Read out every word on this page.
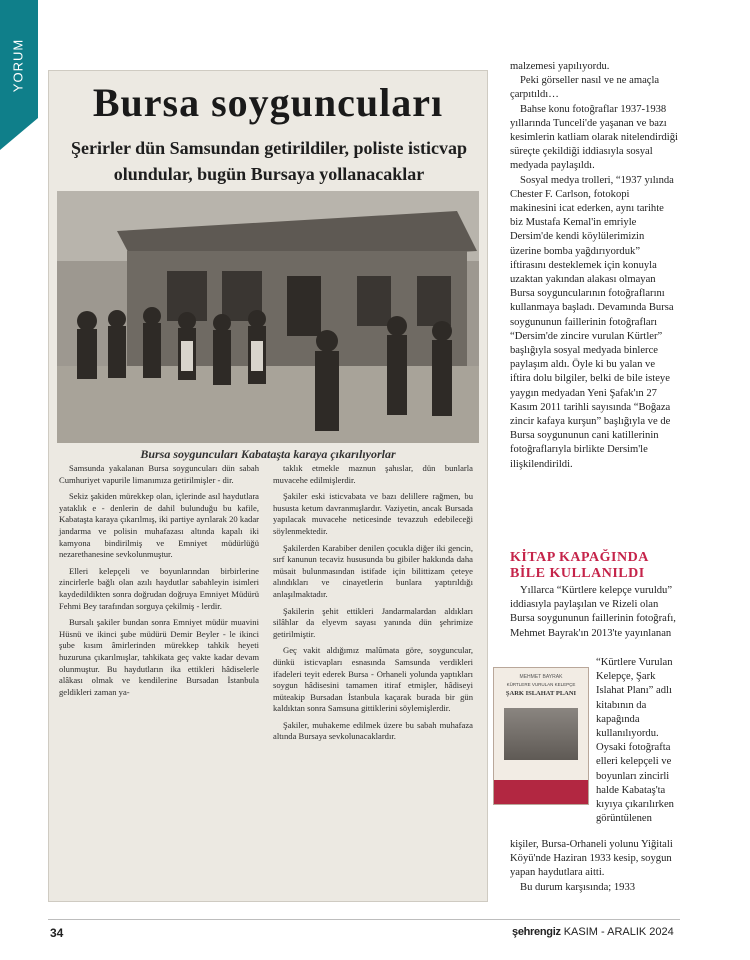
YORUM
Bursa soyguncuları
Şerirler dün Samsundan getirildiler, poliste isticvap olundular, bugün Bursaya yollanacaklar
Bursa soyguncuları Kabataşta karaya çıkarılıyorlar

Samsunda yakalanan Bursa soyguncuları dün sabah Cumhuriyet vapurile limanımıza getirilmişler - dir.

Sekiz şakiden mürekkep olan, içlerinde asıl haydutlara yataklık e - denlerin de dahil bulunduğu bu kafile, Kabataşta karaya çıkarılmış, iki partiye ayrılarak 20 kadar jandarma ve polisin muhafazası altında kapalı iki kamyona bindirilmiş ve Emniyet müdürlüğü nezarethanesine sevkolunmuştur.

Elleri kelepçeli ve boyunlarından birbirlerine zincirlerle bağlı olan azılı haydutlar sabahleyin isimleri kaydedildikten sonra doğrudan doğruya Emniyet Müdürü Fehmi Bey tarafından sorguya çekilmiş - lerdir.

Bursalı şakiler bundan sonra Emniyet müdür muavini Hüsnü ve ikinci şube müdürü Demir Beyler - le ikinci şube kısım âmirlerinden mürekkep tahkik heyeti huzuruna çıkarılmışlar, tahkikata geç vakte kadar devam olunmuştur. Bu haydutların ika ettikleri hâdiselerle alâkası olmak ve kendilerine Bursadan İstanbula geldikleri zaman ya-

taklık etmekle maznun şahıslar, dün bunlarla muvacehe edilmişlerdir.

Şakiler eski isticvabata ve bazı delillere rağmen, bu hususta ketum davranmışlardır. Vaziyetin, ancak Bursada yapılacak muvacehe neticesinde tevazzuh edebileceği söylenmektedir.

Şakilerden Karabiber denilen çocukla diğer iki gencin, sırf kanunun tecaviz hususunda bu gibiler hakkında daha müsait bulunmasından istifade için bilittizam çeteye alındıkları ve cinayetlerin bunlara yaptırıldığı anlaşılmaktadır.

Şakilerin şehit ettikleri Jandarmalardan aldıkları silâhlar da elyevm sayası yanında dün şehrimize getirilmiştir.

Geç vakit aldığımız malûmata göre, soyguncular, dünkü isticvapları esnasında Samsunda verdikleri ifadeleri teyit ederek Bursa - Orhaneli yolunda yaptıkları soygun hâdisesini tamamen itiraf etmişler, hâdiseyi müteakip Bursadan İstanbula kaçarak burada bir gün kaldıktan sonra Samsuna gittiklerini söylemişlerdir.

Şakiler, muhakeme edilmek üzere bu sabah muhafaza altında Bursaya sevkolunacaklardır.

malzemesi yapılıyordu.

Peki görseller nasıl ve ne amaçla çarpıtıldı…

Bahse konu fotoğraflar 1937-1938 yıllarında Tunceli'de yaşanan ve bazı kesimlerin katliam olarak nitelendirdiği süreçte çekildiği iddiasıyla sosyal medyada paylaşıldı.

Sosyal medya trolleri, “1937 yılında Chester F. Carlson, fotokopi makinesini icat ederken, aynı tarihte biz Mustafa Kemal'in emriyle Dersim'de kendi köylülerimizin üzerine bomba yağdırıyorduk” iftirasını desteklemek için konuyla uzaktan yakından alakası olmayan Bursa soyguncularının fotoğraflarını kullanmaya başladı. Devamında Bursa soygununun faillerinin fotoğrafları “Dersim'de zincire vurulan Kürtler” başlığıyla sosyal medyada binlerce paylaşım aldı. Öyle ki bu yalan ve iftira dolu bilgiler, belki de bile isteye yaygın medyadan Yeni Şafak'ın 27 Kasım 2011 tarihli sayısında “Boğaza zincir kafaya kurşun” başlığıyla ve de Bursa soygununun cani katillerinin fotoğraflarıyla birlikte Dersim'le ilişkilendirildi.

KİTAP KAPAĞINDA BİLE KULLANILDI

Yıllarca “Kürtlere kelepçe vuruldu” iddiasıyla paylaşılan ve Rizeli olan Bursa soygununun faillerinin fotoğrafı, Mehmet Bayrak'ın 2013'te yayınlanan

MEHMET BAYRAK
KÜRTLERE VURULAN KELEPÇE
ŞARK ISLAHAT PLANI

“Kürtlere Vurulan Kelepçe, Şark Islahat Planı” adlı kitabının da kapağında kullanılıyordu. Oysaki fotoğrafta elleri kelepçeli ve boyunları zincirli halde Kabataş'ta kıyıya çıkarılırken görüntülenen

kişiler, Bursa-Orhaneli yolunu Yiğitali Köyü'nde Haziran 1933 kesip, soygun yapan haydutlara aitti.

Bu durum karşısında; 1933

34	şehrengiz KASIM - ARALIK 2024
